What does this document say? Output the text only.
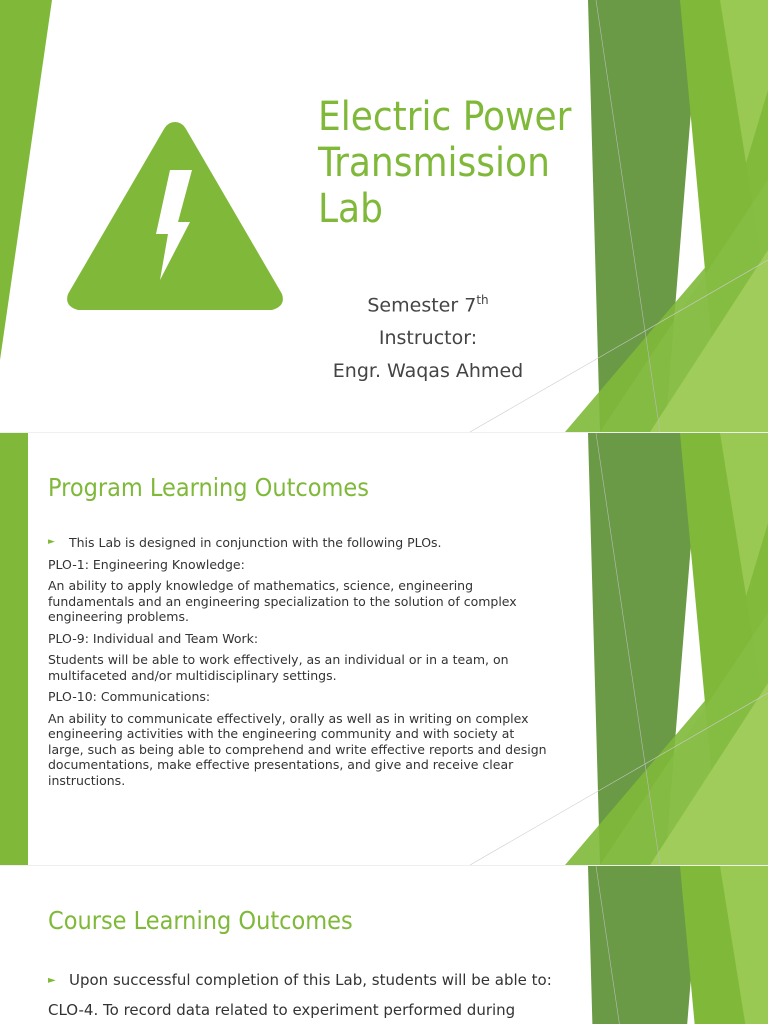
Electric Power Transmission Lab
Semester 7th
Instructor:
Engr. Waqas Ahmed
Program Learning Outcomes

► This Lab is designed in conjunction with the following PLOs.

PLO-1: Engineering Knowledge:

An ability to apply knowledge of mathematics, science, engineering fundamentals and an engineering specialization to the solution of complex engineering problems.

PLO-9: Individual and Team Work:

Students will be able to work effectively, as an individual or in a team, on multifaceted and/or multidisciplinary settings.

PLO-10: Communications:

An ability to communicate effectively, orally as well as in writing on complex engineering activities with the engineering community and with society at large, such as being able to comprehend and write effective reports and design documentations, make effective presentations, and give and receive clear instructions.

Course Learning Outcomes

► Upon successful completion of this Lab, students will be able to:

CLO-4. To record data related to experiment performed during
